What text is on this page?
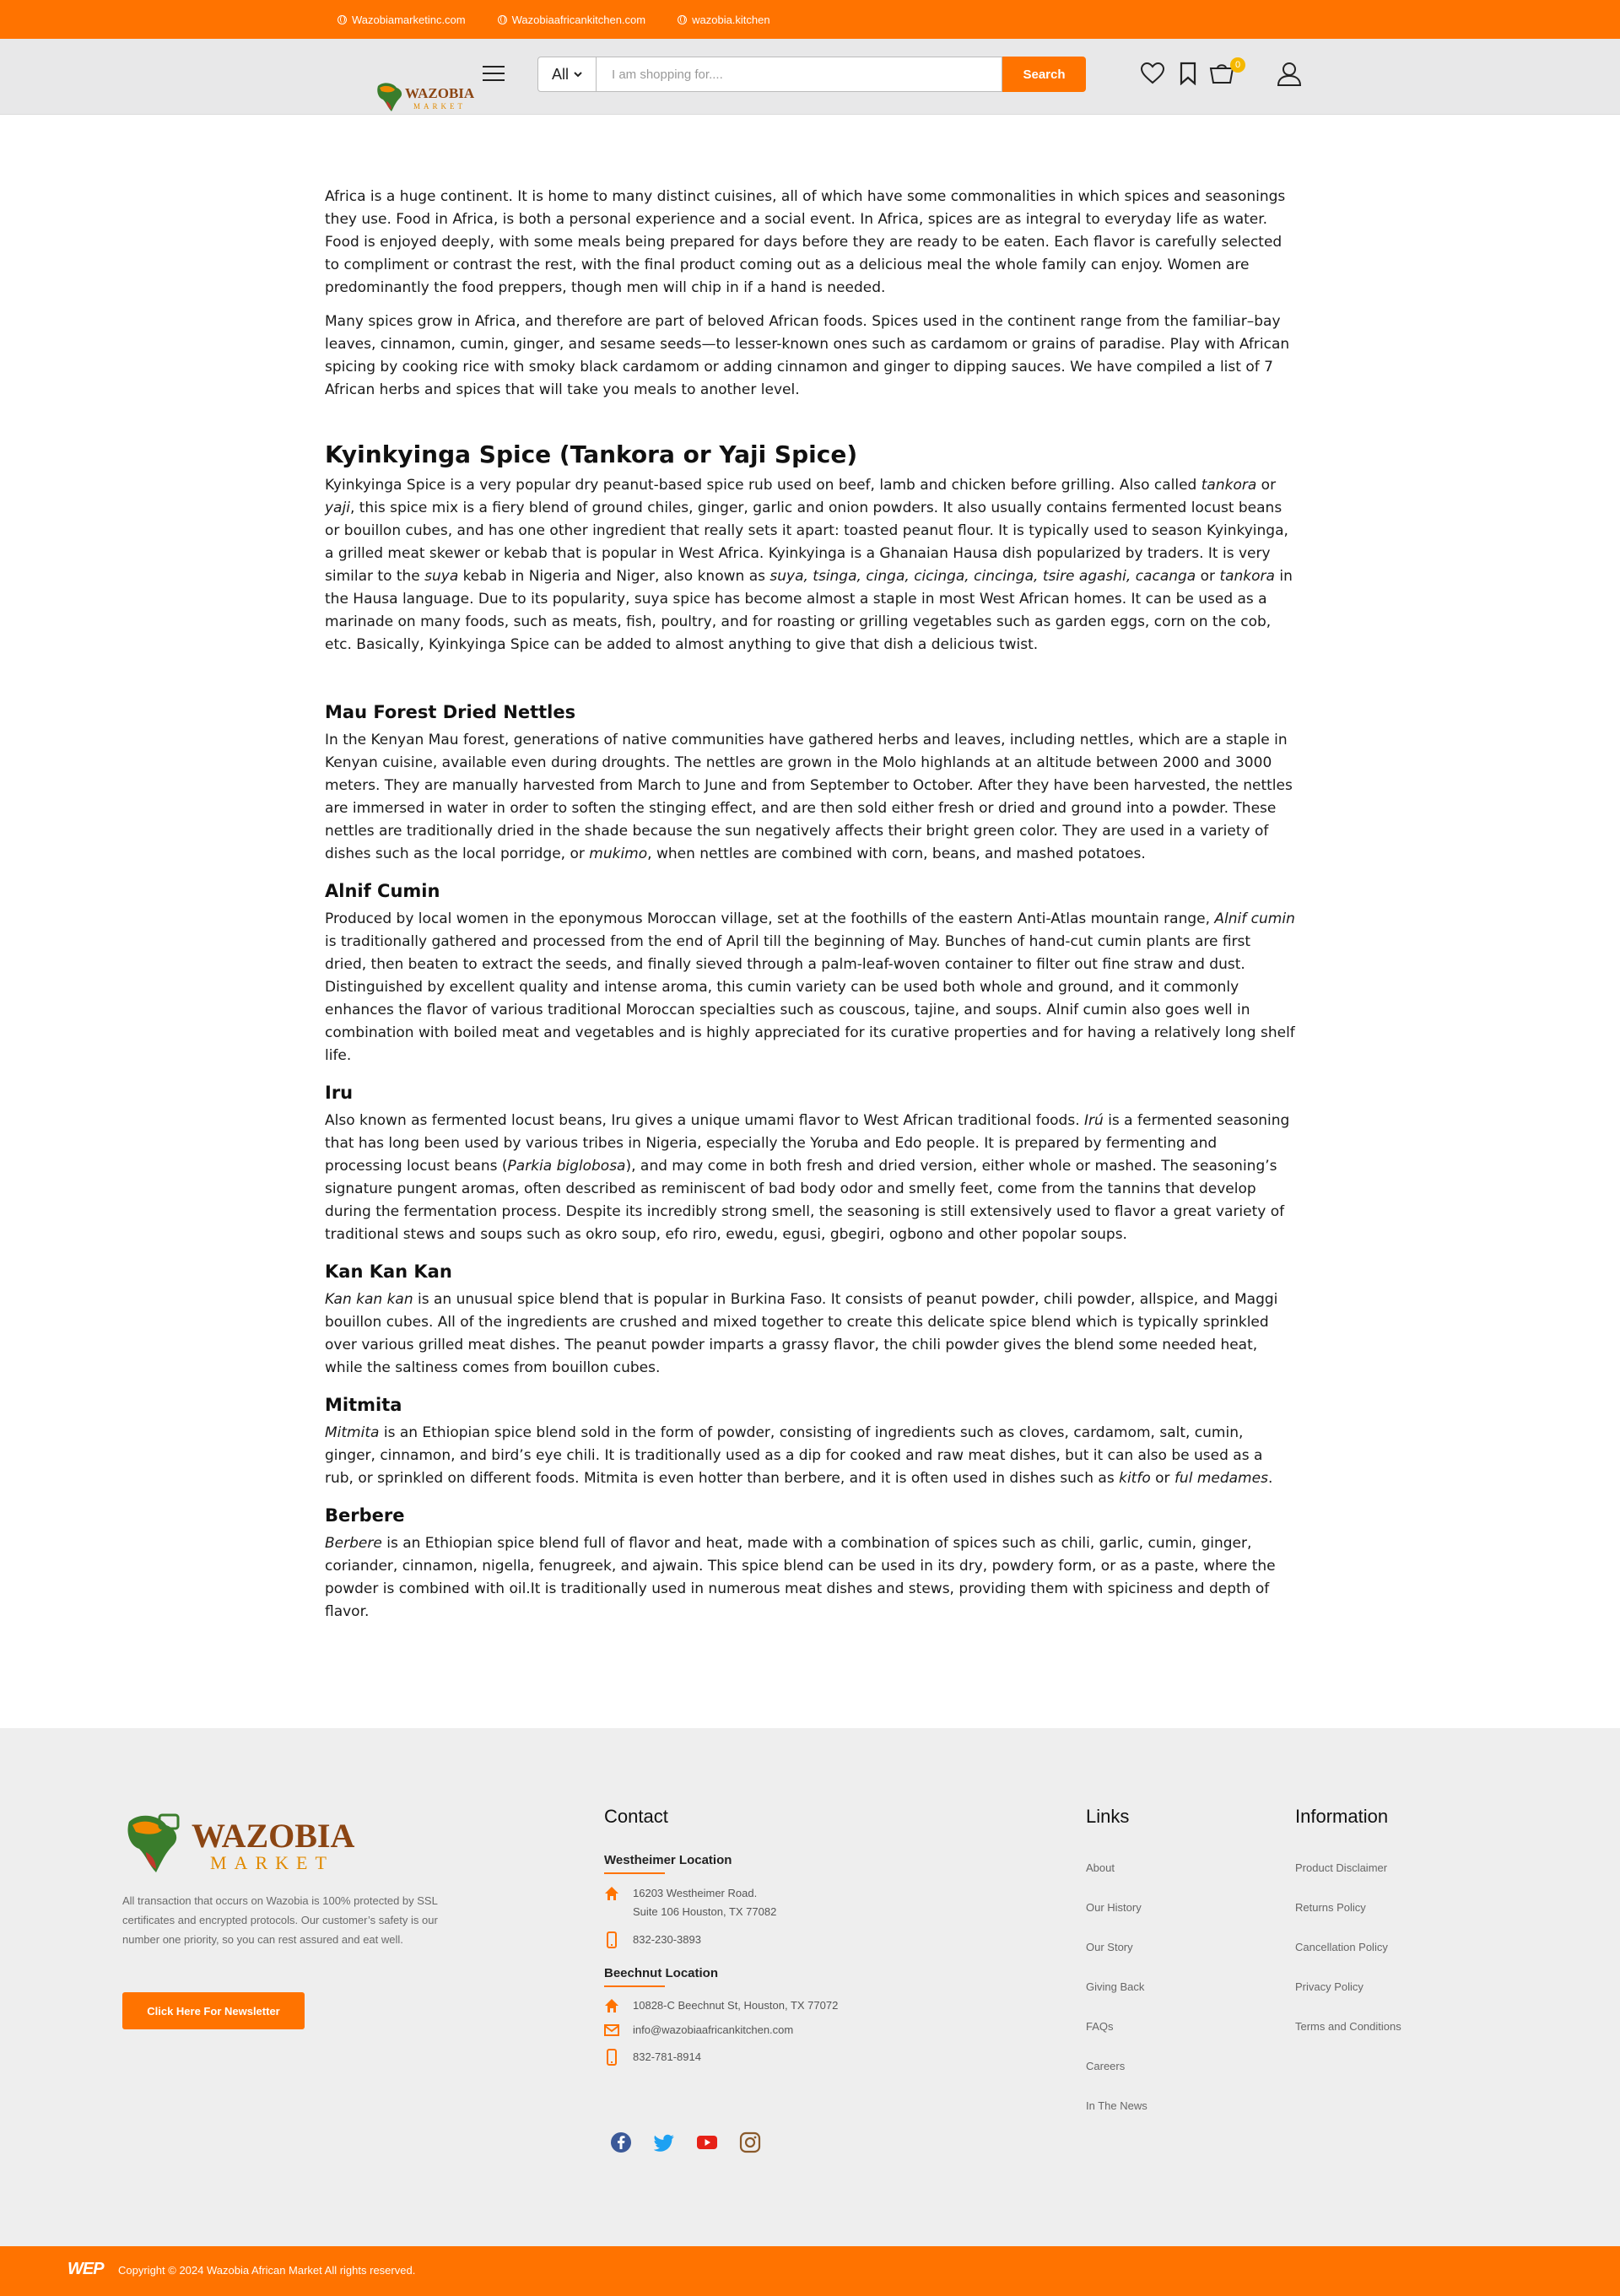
Wazobiamarketinc.com	Wazobiaafricankitchen.com	wazobia.kitchen
WAZOBIA
MARKET
All	I am shopping for....	Search
0

Africa is a huge continent. It is home to many distinct cuisines, all of which have some commonalities in which spices and seasonings they use. Food in Africa, is both a personal experience and a social event. In Africa, spices are as integral to everyday life as water. Food is enjoyed deeply, with some meals being prepared for days before they are ready to be eaten. Each flavor is carefully selected to compliment or contrast the rest, with the final product coming out as a delicious meal the whole family can enjoy. Women are predominantly the food preppers, though men will chip in if a hand is needed.

Many spices grow in Africa, and therefore are part of beloved African foods. Spices used in the continent range from the familiar–bay leaves, cinnamon, cumin, ginger, and sesame seeds—to lesser-known ones such as cardamom or grains of paradise. Play with African spicing by cooking rice with smoky black cardamom or adding cinnamon and ginger to dipping sauces. We have compiled a list of 7 African herbs and spices that will take you meals to another level.

Kyinkyinga Spice (Tankora or Yaji Spice)

Kyinkyinga Spice is a very popular dry peanut-based spice rub used on beef, lamb and chicken before grilling. Also called tankora or yaji, this spice mix is a fiery blend of ground chiles, ginger, garlic and onion powders. It also usually contains fermented locust beans or bouillon cubes, and has one other ingredient that really sets it apart: toasted peanut flour. It is typically used to season Kyinkyinga, a grilled meat skewer or kebab that is popular in West Africa. Kyinkyinga is a Ghanaian Hausa dish popularized by traders. It is very similar to the suya kebab in Nigeria and Niger, also known as suya, tsinga, cinga, cicinga, cincinga, tsire agashi, cacanga or tankora in the Hausa language. Due to its popularity, suya spice has become almost a staple in most West African homes. It can be used as a marinade on many foods, such as meats, fish, poultry, and for roasting or grilling vegetables such as garden eggs, corn on the cob, etc. Basically, Kyinkyinga Spice can be added to almost anything to give that dish a delicious twist.

Mau Forest Dried Nettles

In the Kenyan Mau forest, generations of native communities have gathered herbs and leaves, including nettles, which are a staple in Kenyan cuisine, available even during droughts. The nettles are grown in the Molo highlands at an altitude between 2000 and 3000 meters. They are manually harvested from March to June and from September to October. After they have been harvested, the nettles are immersed in water in order to soften the stinging effect, and are then sold either fresh or dried and ground into a powder. These nettles are traditionally dried in the shade because the sun negatively affects their bright green color. They are used in a variety of dishes such as the local porridge, or mukimo, when nettles are combined with corn, beans, and mashed potatoes.

Alnif Cumin

Produced by local women in the eponymous Moroccan village, set at the foothills of the eastern Anti-Atlas mountain range, Alnif cumin is traditionally gathered and processed from the end of April till the beginning of May. Bunches of hand-cut cumin plants are first dried, then beaten to extract the seeds, and finally sieved through a palm-leaf-woven container to filter out fine straw and dust. Distinguished by excellent quality and intense aroma, this cumin variety can be used both whole and ground, and it commonly enhances the flavor of various traditional Moroccan specialties such as couscous, tajine, and soups. Alnif cumin also goes well in combination with boiled meat and vegetables and is highly appreciated for its curative properties and for having a relatively long shelf life.

Iru

Also known as fermented locust beans, Iru gives a unique umami flavor to West African traditional foods. Irú is a fermented seasoning that has long been used by various tribes in Nigeria, especially the Yoruba and Edo people. It is prepared by fermenting and processing locust beans (Parkia biglobosa), and may come in both fresh and dried version, either whole or mashed. The seasoning’s signature pungent aromas, often described as reminiscent of bad body odor and smelly feet, come from the tannins that develop during the fermentation process. Despite its incredibly strong smell, the seasoning is still extensively used to flavor a great variety of traditional stews and soups such as okro soup, efo riro, ewedu, egusi, gbegiri, ogbono and other popolar soups.

Kan Kan Kan

Kan kan kan is an unusual spice blend that is popular in Burkina Faso. It consists of peanut powder, chili powder, allspice, and Maggi bouillon cubes. All of the ingredients are crushed and mixed together to create this delicate spice blend which is typically sprinkled over various grilled meat dishes. The peanut powder imparts a grassy flavor, the chili powder gives the blend some needed heat, while the saltiness comes from bouillon cubes.

Mitmita

Mitmita is an Ethiopian spice blend sold in the form of powder, consisting of ingredients such as cloves, cardamom, salt, cumin, ginger, cinnamon, and bird’s eye chili. It is traditionally used as a dip for cooked and raw meat dishes, but it can also be used as a rub, or sprinkled on different foods. Mitmita is even hotter than berbere, and it is often used in dishes such as kitfo or ful medames.

Berbere

Berbere is an Ethiopian spice blend full of flavor and heat, made with a combination of spices such as chili, garlic, cumin, ginger, coriander, cinnamon, nigella, fenugreek, and ajwain. This spice blend can be used in its dry, powdery form, or as a paste, where the powder is combined with oil.It is traditionally used in numerous meat dishes and stews, providing them with spiciness and depth of flavor.

WAZOBIA
MARKET

All transaction that occurs on Wazobia is 100% protected by SSL certificates and encrypted protocols. Our customer’s safety is our number one priority, so you can rest assured and eat well.

Click Here For Newsletter
Contact
Westheimer Location
16203 Westheimer Road.
Suite 106 Houston, TX 77082
832-230-3893
Beechnut Location
10828-C Beechnut St, Houston, TX 77072
info@wazobiaafricankitchen.com
832-781-8914
Links
About
Our History
Our Story
Giving Back
FAQs
Careers
In The News
Information
Product Disclaimer
Returns Policy
Cancellation Policy
Privacy Policy
Terms and Conditions
WEP Copyright © 2024 Wazobia African Market All rights reserved.
